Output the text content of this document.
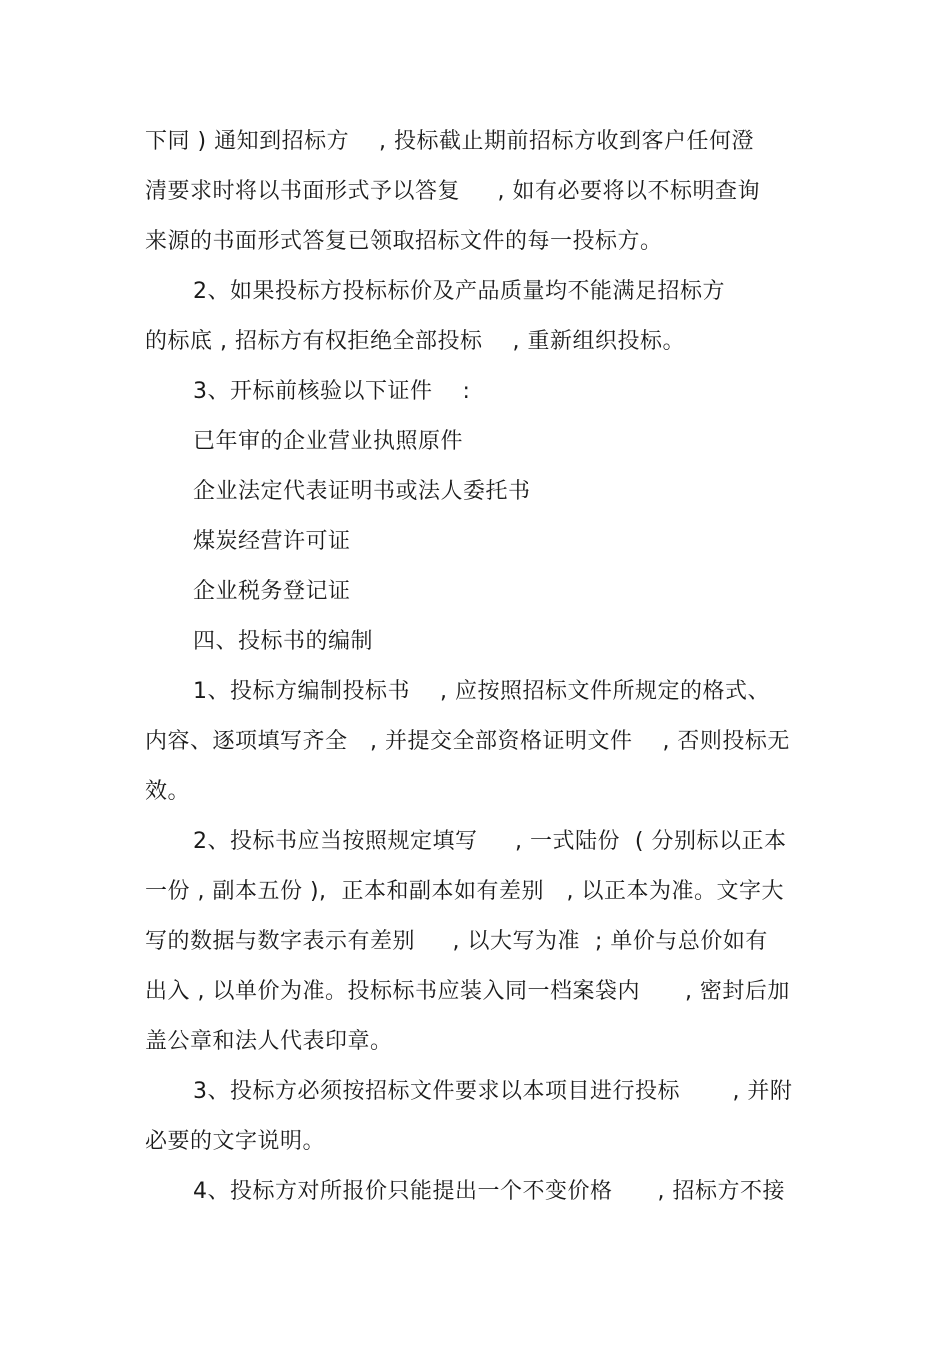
下同 ) 通知到招标方    , 投标截止期前招标方收到客户任何澄
清要求时将以书面形式予以答复     , 如有必要将以不标明查询
来源的书面形式答复已领取招标文件的每一投标方。
2、如果投标方投标标价及产品质量均不能满足招标方
的标底 , 招标方有权拒绝全部投标    , 重新组织投标。
3、开标前核验以下证件    :
已年审的企业营业执照原件
企业法定代表证明书或法人委托书
煤炭经营许可证
企业税务登记证
四、投标书的编制
1、投标方编制投标书    , 应按照招标文件所规定的格式、
内容、逐项填写齐全   , 并提交全部资格证明文件    , 否则投标无
效。
2、投标书应当按照规定填写     , 一式陆份  ( 分别标以正本
一份 , 副本五份 ),  正本和副本如有差别   , 以正本为准。文字大
写的数据与数字表示有差别     , 以大写为准  ; 单价与总价如有
出入 , 以单价为准。投标标书应装入同一档案袋内      , 密封后加
盖公章和法人代表印章。
3、投标方必须按招标文件要求以本项目进行投标       , 并附
必要的文字说明。
4、投标方对所报价只能提出一个不变价格      , 招标方不接
